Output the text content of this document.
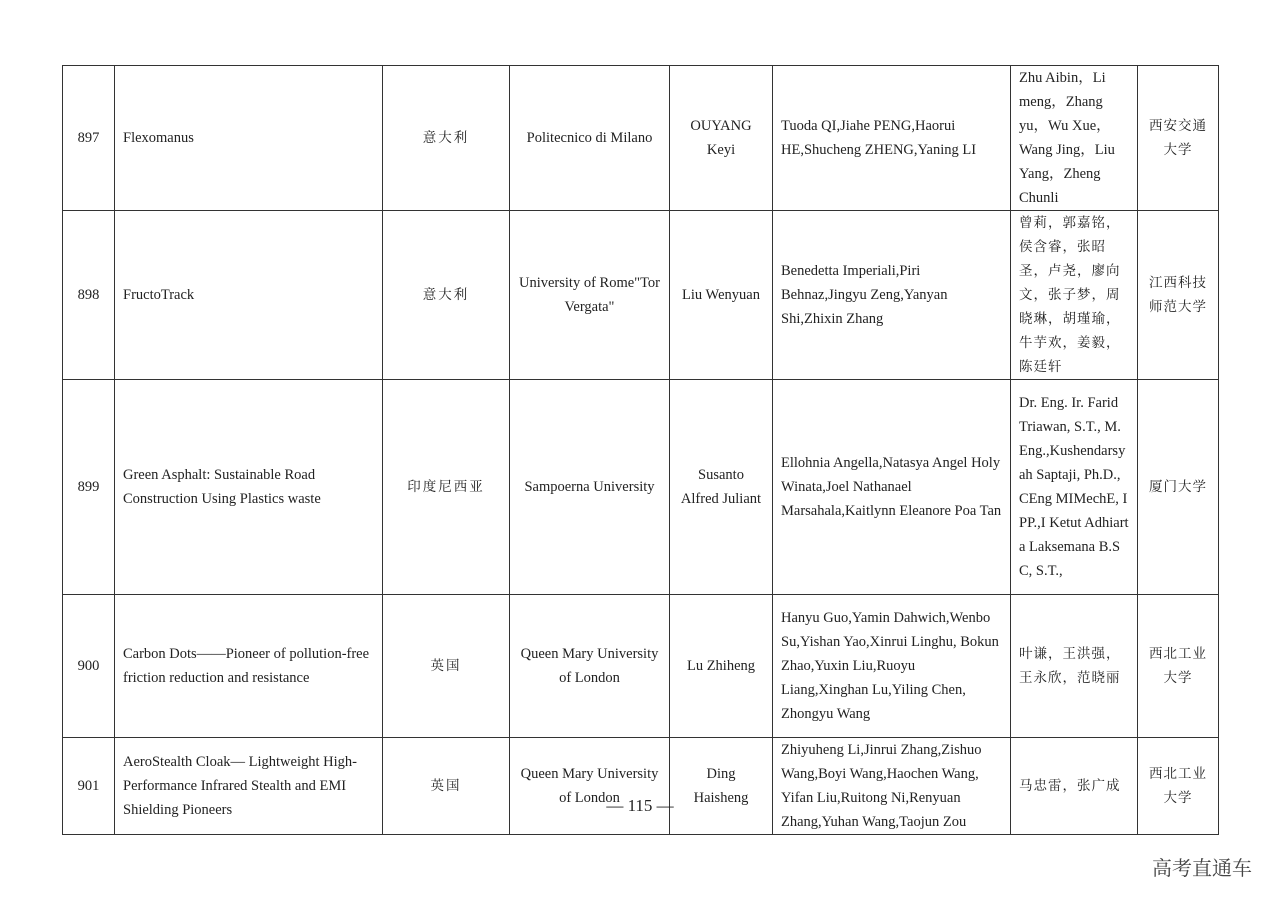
897	Flexomanus	意大利	Politecnico di Milano	OUYANG Keyi	Tuoda QI,Jiahe PENG,Haorui HE,Shucheng ZHENG,Yaning LI	Zhu Aibin，Li meng，Zhang yu，Wu Xue，Wang Jing，Liu Yang，Zheng Chunli	西安交通大学
898	FructoTrack	意大利	University of Rome"Tor Vergata"	Liu Wenyuan	Benedetta Imperiali,Piri Behnaz,Jingyu Zeng,Yanyan Shi,Zhixin Zhang	曾莉，郭嘉铭，侯含睿，张昭圣，卢尧，廖向文，张子梦，周晓琳，胡瑾瑜，牛芋欢，姜毅，陈廷轩	江西科技师范大学
899	Green Asphalt: Sustainable Road Construction Using Plastics waste	印度尼西亚	Sampoerna University	Susanto Alfred Juliant	Ellohnia Angella,Natasya Angel Holy Winata,Joel Nathanael Marsahala,Kaitlynn Eleanore Poa Tan	Dr. Eng. Ir. Farid Triawan, S.T., M.Eng.,Kushendarsyah Saptaji, Ph.D., CEng MIMechE, IPP.,I Ketut Adhiarta Laksemana B.SC, S.T.,	厦门大学
900	Carbon Dots——Pioneer of pollution-free friction reduction and resistance	英国	Queen Mary University of London	Lu Zhiheng	Hanyu Guo,Yamin Dahwich,Wenbo Su,Yishan Yao,Xinrui Linghu, Bokun Zhao,Yuxin Liu,Ruoyu Liang,Xinghan Lu,Yiling Chen, Zhongyu Wang	叶谦，王洪强，王永欣，范晓丽	西北工业大学
901	AeroStealth Cloak— Lightweight High-Performance Infrared Stealth and EMI Shielding Pioneers	英国	Queen Mary University of London	Ding Haisheng	Zhiyuheng Li,Jinrui Zhang,Zishuo Wang,Boyi Wang,Haochen Wang, Yifan Liu,Ruitong Ni,Renyuan Zhang,Yuhan Wang,Taojun Zou	马忠雷，张广成	西北工业大学
— 115 —
高考直通车
